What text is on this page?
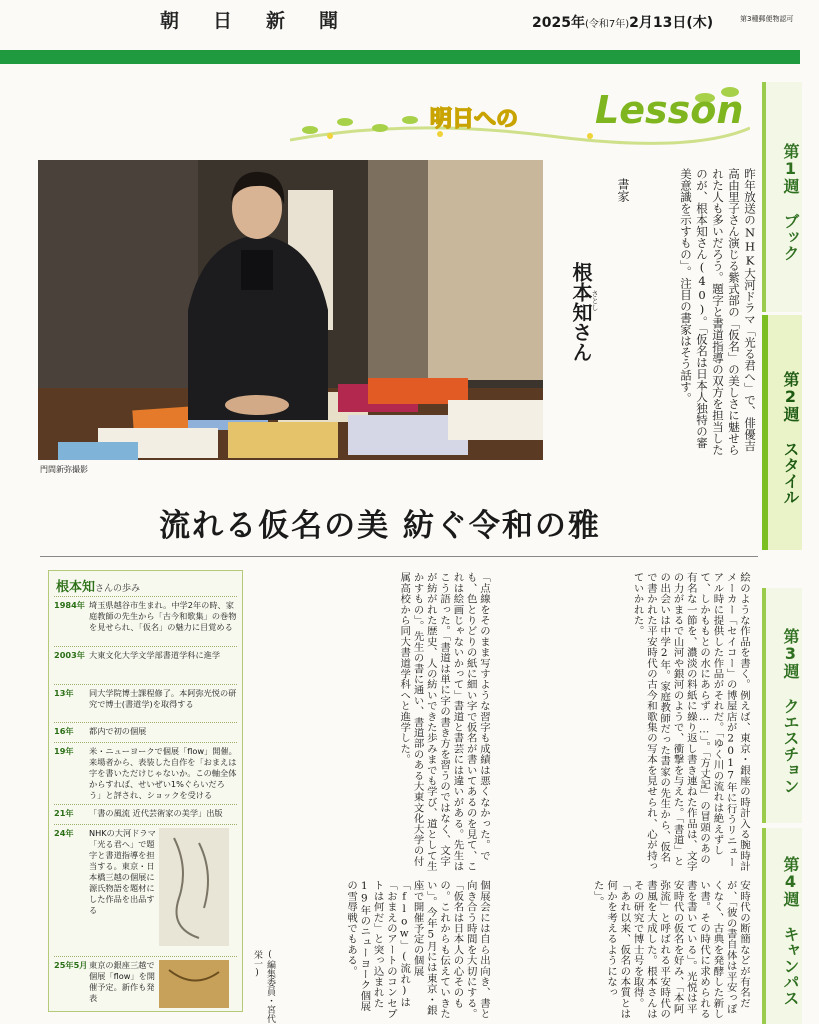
朝日新聞	2025年(令和7年)2月13日(木)	第3種郵便物認可
明日への Lesson
第1週

ブック
第2週

スタイル
第3週

クエスチョン
第4週

キャンパス
門間新弥撮影
昨年放送のNHK大河ドラマ「光る君へ」で、俳優吉高由里子さん演じる紫式部の「仮名」の美しさに魅せられた人も多いだろう。題字と書道指導の双方を担当したのが、根本知さん(40)。「仮名は日本人独特の審美意識を示すもの」。注目の書家はそう話す。
書家
根本知さん
さとし
流れる仮名の美 紡ぐ令和の雅
根本知さんの歩み
1984年 埼玉県越谷市生まれ。中学2年の時、家庭教師の先生から「古今和歌集」の巻物を見せられ、「仮名」の魅力に目覚める
2003年 大東文化大学文学部書道学科に進学
13年	同大学院博士課程修了。本阿弥光悦の研究で博士(書道学)を取得する
16年	都内で初の個展
19年	米・ニューヨークで個展「flow」開催。来場者から、表装した自作を「おまえは字を書いただけじゃないか。この軸全体からすれば、せいぜい1%ぐらいだろう」と評され、ショックを受ける
21年	「書の風流 近代芸術家の美学」出版
24年	NHKの大河ドラマ「光る君へ」で題字と書道指導を担当する。東京・日本橋三越の個展に源氏物語を題材にした作品を出品する
25年5月 東京の銀座三越で個展「flow」を開催予定。新作も発表
絵のような作品を書く。例えば、東京・銀座の時計入る腕時計メーカー「セイコー」の博屋店が2017年に行うリニューアル時に提供した作品がそれだ。「ゆく川の流れは絶えずして、しかももとの水にあらず……」。「方丈記」の冒頭のあの有名な一節を、濃淡の料紙に繰り返し書き連ねた作品は、文字の力がまるで山河や銀河のようで、衝撃を与えた。「書道」との出会いは中学2年。家庭教師だった書家の先生から、仮名で書かれた平安時代の古今和歌集の写本を見せられ、心が持っていかれた。
「点線をそのまま写すような習字も成績は悪くなかった。でも、色とりどりの紙に細い字で仮名が書いてあるのを見て、これは絵画じゃないかって」書道と書芸には違いがある。先生はこう語った。「書道は単に字の書き方を習うのではなく、文字が紡がれた歴史、人の紡いできた歩みまでも学び、道として生かすもの」。先生の書に通い、書道部のある大東文化大学の付属高校から同大書道学科へと進学した。
安時代の断簡などが有名だが、「彼の書自体は平安っぽくなく、古典を発酵した新しい書。その時代に求められる書を書いている」。光悦は平安時代の仮名を好み、「本阿弥流」と呼ばれる平安時代の書風を大成した。根本さんはその研究で博士号を取得。「あれ以来、仮名の本質とは何かを考えるようになった」。
個展会には自ら出向き、書と向き合う時間を大切にする。「仮名は日本人の心そのもの。これからも伝えていきたい」。今年5月には東京・銀座で開催予定の個展「flow」(流れ)は「おまえのアートのコンセプトは何だ」と突っ込まれた19年のニューヨーク個展の雪辱戦でもある。
(編集委員・宮代栄一)
